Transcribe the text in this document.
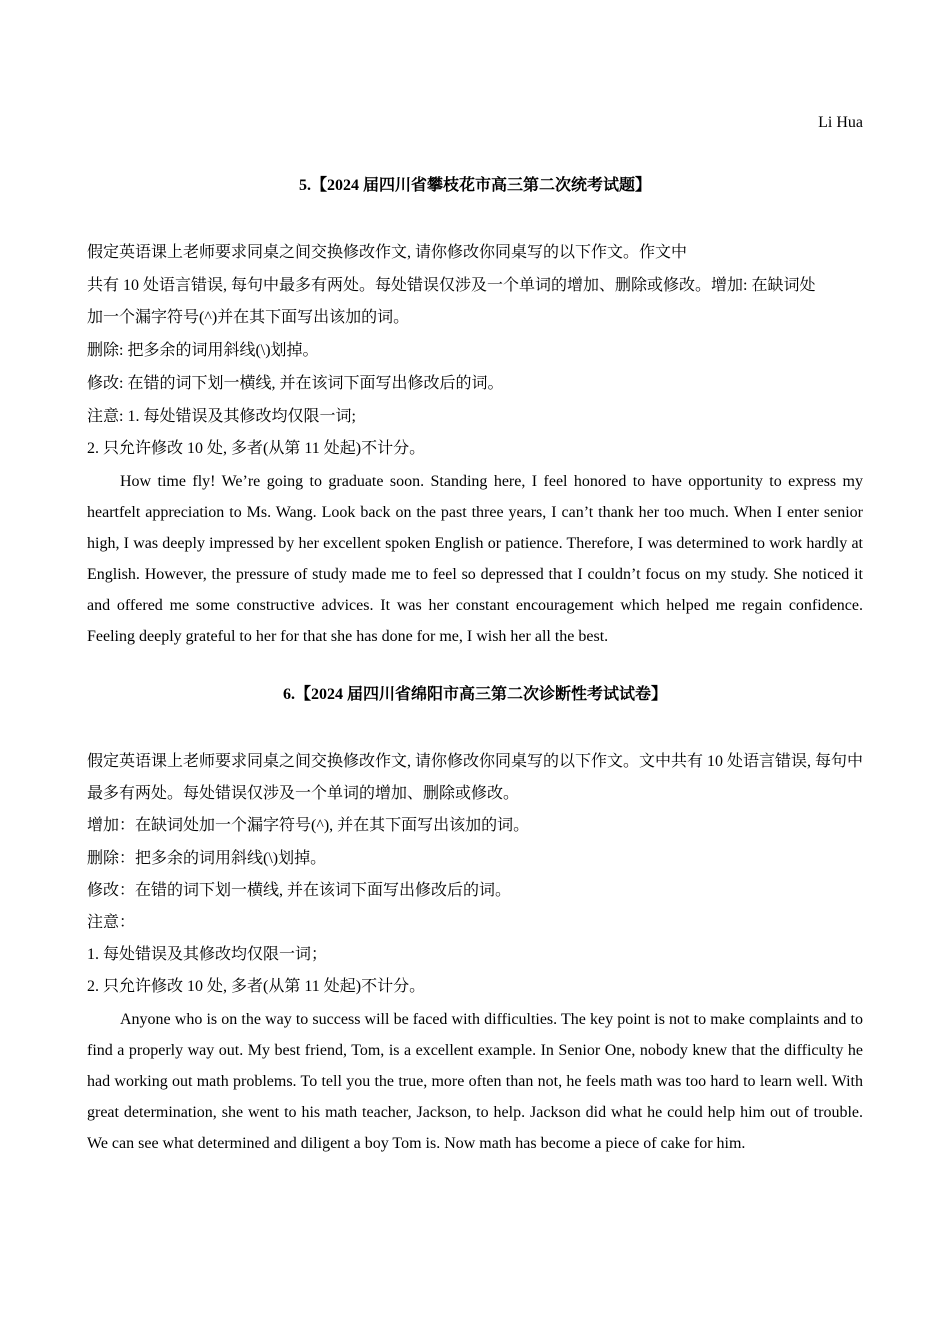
Li Hua

5.【2024 届四川省攀枝花市高三第二次统考试题】

假定英语课上老师要求同桌之间交换修改作文, 请你修改你同桌写的以下作文。作文中

共有 10 处语言错误, 每句中最多有两处。每处错误仅涉及一个单词的增加、删除或修改。增加: 在缺词处

加一个漏字符号(^)并在其下面写出该加的词。

删除: 把多余的词用斜线(\)划掉。

修改: 在错的词下划一横线, 并在该词下面写出修改后的词。

注意: 1. 每处错误及其修改均仅限一词;

2. 只允许修改 10 处, 多者(从第 11 处起)不计分。

How time fly! We’re going to graduate soon. Standing here, I feel honored to have opportunity to express my heartfelt appreciation to Ms. Wang. Look back on the past three years, I can’t thank her too much. When I enter senior high, I was deeply impressed by her excellent spoken English or patience. Therefore, I was determined to work hardly at English. However, the pressure of study made me to feel so depressed that I couldn’t focus on my study. She noticed it and offered me some constructive advices. It was her constant encouragement which helped me regain confidence. Feeling deeply grateful to her for that she has done for me, I wish her all the best.

6.【2024 届四川省绵阳市高三第二次诊断性考试试卷】

假定英语课上老师要求同桌之间交换修改作文, 请你修改你同桌写的以下作文。文中共有 10 处语言错误, 每句中最多有两处。每处错误仅涉及一个单词的增加、删除或修改。

增加：在缺词处加一个漏字符号(^), 并在其下面写出该加的词。

删除：把多余的词用斜线(\)划掉。

修改：在错的词下划一横线, 并在该词下面写出修改后的词。

注意：

1. 每处错误及其修改均仅限一词；

2. 只允许修改 10 处, 多者(从第 11 处起)不计分。

Anyone who is on the way to success will be faced with difficulties. The key point is not to make complaints and to find a properly way out. My best friend, Tom, is a excellent example. In Senior One, nobody knew that the difficulty he had working out math problems. To tell you the true, more often than not, he feels math was too hard to learn well. With great determination, she went to his math teacher, Jackson, to help. Jackson did what he could help him out of trouble. We can see what determined and diligent a boy Tom is. Now math has become a piece of cake for him.
